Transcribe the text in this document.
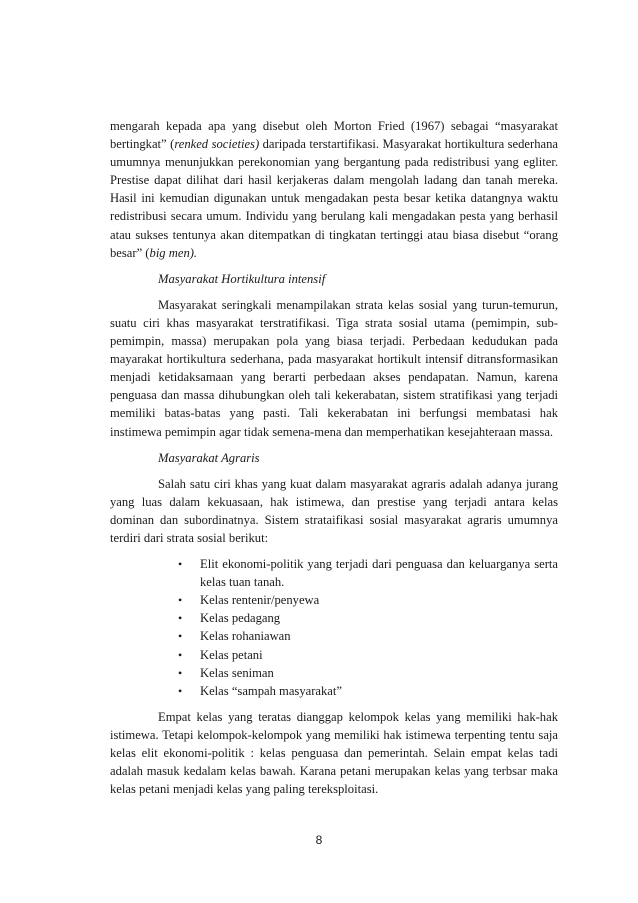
mengarah kepada apa yang disebut oleh Morton Fried (1967) sebagai “masyarakat bertingkat” (renked societies) daripada terstartifikasi. Masyarakat hortikultura sederhana umumnya menunjukkan perekonomian yang bergantung pada redistribusi yang egliter. Prestise dapat dilihat dari hasil kerjakeras dalam mengolah ladang dan tanah mereka. Hasil ini kemudian digunakan untuk mengadakan pesta besar ketika datangnya waktu redistribusi secara umum. Individu yang berulang kali mengadakan pesta yang berhasil atau sukses tentunya akan ditempatkan di tingkatan tertinggi atau biasa disebut “orang besar” (big men).

Masyarakat Hortikultura intensif

Masyarakat seringkali menampilakan strata kelas sosial yang turun-temurun, suatu ciri khas masyarakat terstratifikasi. Tiga strata sosial utama (pemimpin, sub-pemimpin, massa) merupakan pola yang biasa terjadi. Perbedaan kedudukan pada mayarakat hortikultura sederhana, pada masyarakat hortikult intensif ditransformasikan menjadi ketidaksamaan yang berarti perbedaan akses pendapatan. Namun, karena penguasa dan massa dihubungkan oleh tali kekerabatan, sistem stratifikasi yang terjadi memiliki batas-batas yang pasti. Tali kekerabatan ini berfungsi membatasi hak instimewa pemimpin agar tidak semena-mena dan memperhatikan kesejahteraan massa.

Masyarakat Agraris

Salah satu ciri khas yang kuat dalam masyarakat agraris adalah adanya jurang yang luas dalam kekuasaan, hak istimewa, dan prestise yang terjadi antara kelas dominan dan subordinatnya. Sistem strataifikasi sosial masyarakat agraris umumnya terdiri dari strata sosial berikut:

• Elit ekonomi-politik yang terjadi dari penguasa dan keluarganya serta kelas tuan tanah.
• Kelas rentenir/penyewa
• Kelas pedagang
• Kelas rohaniawan
• Kelas petani
• Kelas seniman
• Kelas “sampah masyarakat”

Empat kelas yang teratas dianggap kelompok kelas yang memiliki hak-hak istimewa. Tetapi kelompok-kelompok yang memiliki hak istimewa terpenting tentu saja kelas elit ekonomi-politik : kelas penguasa dan pemerintah. Selain empat kelas tadi adalah masuk kedalam kelas bawah. Karana petani merupakan kelas yang terbsar maka kelas petani menjadi kelas yang paling tereksploitasi.

8
